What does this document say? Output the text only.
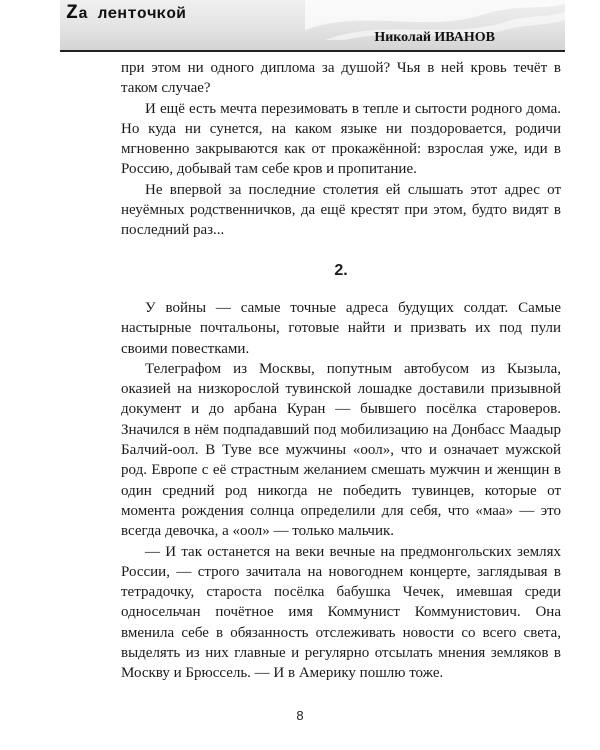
Zа ленточкой
Николай ИВАНОВ

при этом ни одного диплома за душой? Чья в ней кровь течёт в таком случае?

И ещё есть мечта перезимовать в тепле и сытости родного дома. Но куда ни сунется, на каком языке ни поздоровается, родичи мгновенно закрываются как от прокажённой: взрослая уже, иди в Россию, добывай там себе кров и пропитание.

Не впервой за последние столетия ей слышать этот адрес от неуёмных родственничков, да ещё крестят при этом, будто видят в последний раз...

2.

У войны — самые точные адреса будущих солдат. Самые настырные почтальоны, готовые найти и призвать их под пули своими повестками.

Телеграфом из Москвы, попутным автобусом из Кызыла, оказией на низкорослой тувинской лошадке доставили призывной документ и до арбана Куран — бывшего посёлка староверов. Значился в нём подпадавший под мобилизацию на Донбасс Маадыр Балчий-оол. В Туве все мужчины «оол», что и означает мужской род. Европе с её страстным желанием смешать мужчин и женщин в один средний род никогда не победить тувинцев, которые от момента рождения солнца определили для себя, что «маа» — это всегда девочка, а «оол» — только мальчик.

— И так останется на веки вечные на предмонгольских землях России, — строго зачитала на новогоднем концерте, заглядывая в тетрадочку, староста посёлка бабушка Чечек, имевшая среди односельчан почётное имя Коммунист Коммунистович. Она вменила себе в обязанность отслеживать новости со всего света, выделять из них главные и регулярно отсылать мнения земляков в Москву и Брюссель. — И в Америку пошлю тоже.

8
